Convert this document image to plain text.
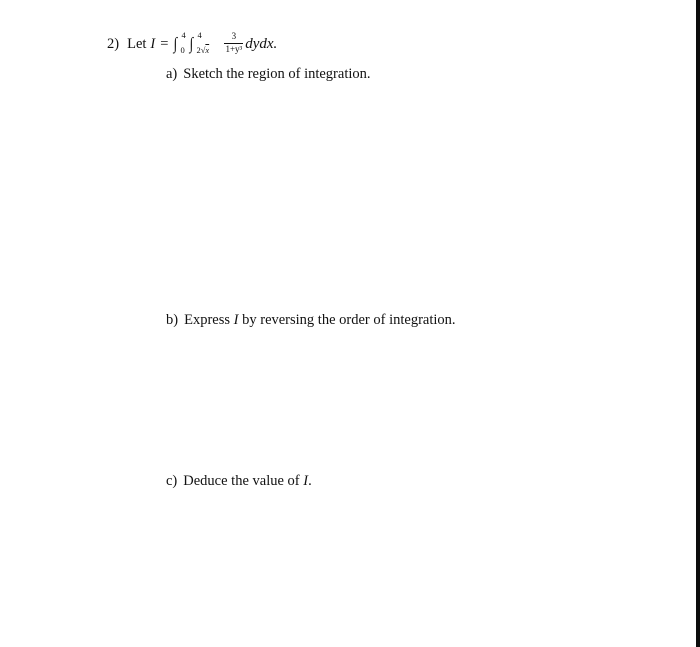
2) Let I = ∫ 4
0 ∫ 4
$2√x \frac{3}{\text{1+y³}}$ dydx.
a) Sketch the region of integration.
b) Express I by reversing the order of integration.
c) Deduce the value of I.
